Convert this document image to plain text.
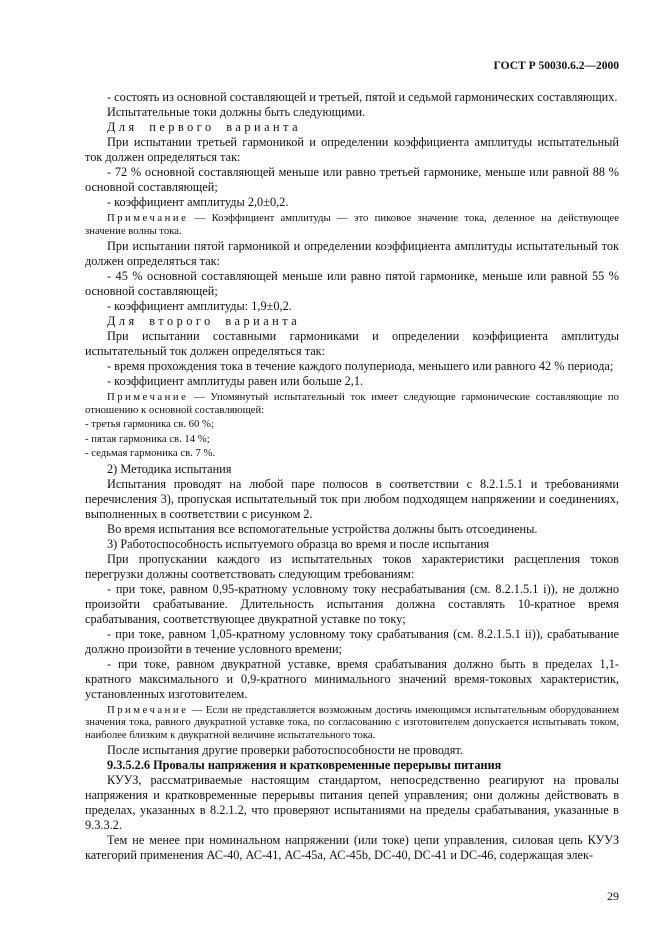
ГОСТ Р 50030.6.2—2000

- состоять из основной составляющей и третьей, пятой и седьмой гармонических составляющих.

Испытательные токи должны быть следующими.

Для первого варианта

При испытании третьей гармоникой и определении коэффициента амплитуды испытательный ток должен определяться так:

- 72 % основной составляющей меньше или равно третьей гармонике, меньше или равной 88 % основной составляющей;

- коэффициент амплитуды 2,0±0,2.

Примечание — Коэффициент амплитуды — это пиковое значение тока, деленное на действующее значение волны тока.

При испытании пятой гармоникой и определении коэффициента амплитуды испытательный ток должен определяться так:

- 45 % основной составляющей меньше или равно пятой гармонике, меньше или равной 55 % основной составляющей;

- коэффициент амплитуды: 1,9±0,2.

Для второго варианта

При испытании составными гармониками и определении коэффициента амплитуды испытательный ток должен определяться так:

- время прохождения тока в течение каждого полупериода, меньшего или равного 42 % периода;

- коэффициент амплитуды равен или больше 2,1.

Примечание — Упомянутый испытательный ток имеет следующие гармонические составляющие по отношению к основной составляющей:

- третья гармоника св. 60 %;

- пятая гармоника св. 14 %;

- седьмая гармоника св. 7 %.

2) Методика испытания

Испытания проводят на любой паре полюсов в соответствии с 8.2.1.5.1 и требованиями перечисления 3), пропуская испытательный ток при любом подходящем напряжении и соединениях, выполненных в соответствии с рисунком 2.

Во время испытания все вспомогательные устройства должны быть отсоединены.

3) Работоспособность испытуемого образца во время и после испытания

При пропускании каждого из испытательных токов характеристики расцепления токов перегрузки должны соответствовать следующим требованиям:

- при токе, равном 0,95-кратному условному току несрабатывания (см. 8.2.1.5.1 i)), не должно произойти срабатывание. Длительность испытания должна составлять 10-кратное время срабатывания, соответствующее двукратной уставке по току;

- при токе, равном 1,05-кратному условному току срабатывания (см. 8.2.1.5.1 ii)), срабатывание должно произойти в течение условного времени;

- при токе, равном двукратной уставке, время срабатывания должно быть в пределах 1,1-кратного максимального и 0,9-кратного минимального значений время-токовых характеристик, установленных изготовителем.

Примечание — Если не представляется возможным достичь имеющимся испытательным оборудованием значения тока, равного двукратной уставке тока, по согласованию с изготовителем допускается испытывать током, наиболее близким к двукратной величине испытательного тока.

После испытания другие проверки работоспособности не проводят.

9.3.5.2.6 Провалы напряжения и кратковременные перерывы питания

КУУЗ, рассматриваемые настоящим стандартом, непосредственно реагируют на провалы напряжения и кратковременные перерывы питания цепей управления; они должны действовать в пределах, указанных в 8.2.1.2, что проверяют испытаниями на пределы срабатывания, указанные в 9.3.3.2.

Тем не менее при номинальном напряжении (или токе) цепи управления, силовая цепь КУУЗ категорий применения АС-40, АС-41, АС-45а, АС-45b, DC-40, DC-41 и DC-46, содержащая элек-

29
